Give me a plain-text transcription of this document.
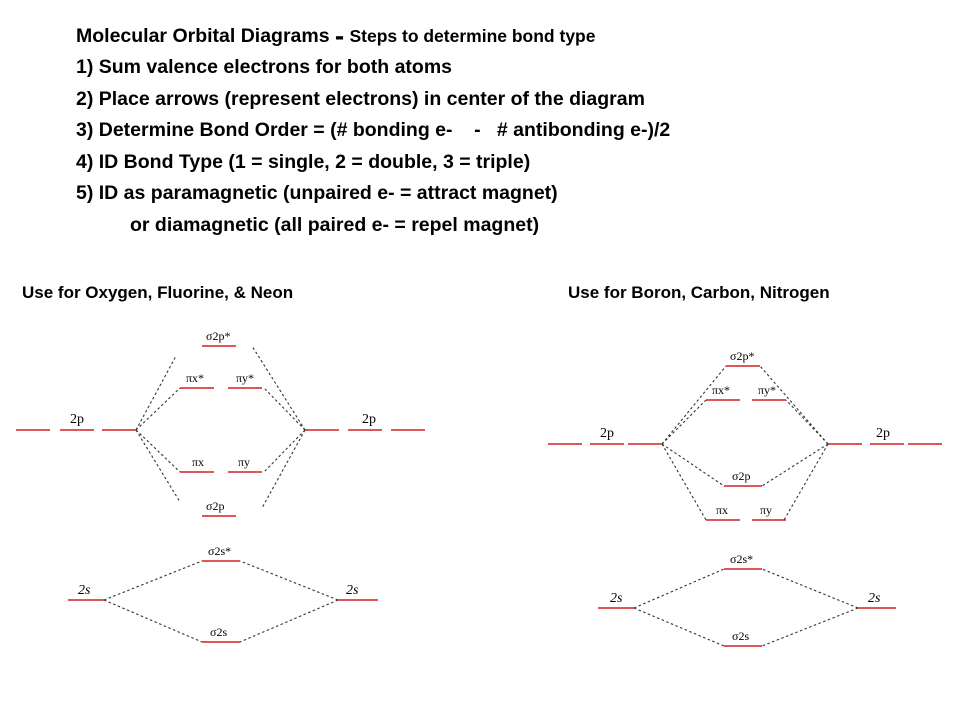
Molecular Orbital Diagrams - Steps to determine bond type
1) Sum valence electrons for both atoms
2) Place arrows (represent electrons) in center of the diagram
3) Determine Bond Order = (# bonding e-    -   # antibonding e-)/2
4) ID Bond Type (1 = single, 2 = double, 3 = triple)
5) ID as paramagnetic (unpaired e- = attract magnet)
or diamagnetic (all paired e- = repel magnet)
Use for Oxygen, Fluorine, & Neon	Use for Boron, Carbon, Nitrogen
2p	2p
σ2p*
πx*	πy*
πx	πy
σ2p
2s	2s
σ2s*
σ2s
2p	2p
σ2p*
πx* πy*
σ2p
πx	πy
2s	2s
σ2s*
σ2s
